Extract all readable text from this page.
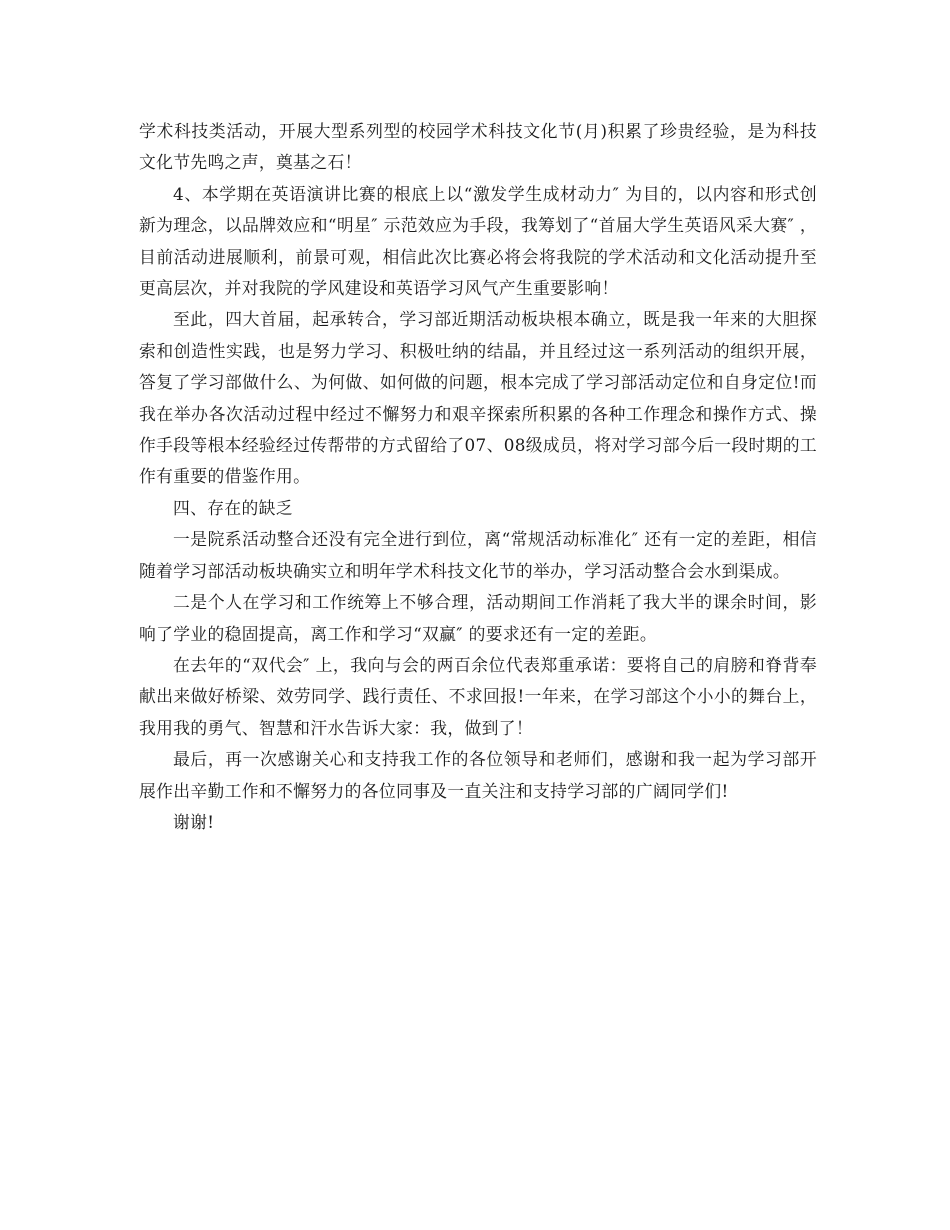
学术科技类活动，开展大型系列型的校园学术科技文化节(月)积累了珍贵经验，是为科技文化节先鸣之声，奠基之石！

4、本学期在英语演讲比赛的根底上以“激发学生成材动力″ 为目的，以内容和形式创新为理念，以品牌效应和“明星″ 示范效应为手段，我筹划了“首届大学生英语风采大赛″ ，目前活动进展顺利，前景可观，相信此次比赛必将会将我院的学术活动和文化活动提升至更高层次，并对我院的学风建设和英语学习风气产生重要影响！

至此，四大首届，起承转合，学习部近期活动板块根本确立，既是我一年来的大胆探索和创造性实践，也是努力学习、积极吐纳的结晶，并且经过这一系列活动的组织开展，答复了学习部做什么、为何做、如何做的问题，根本完成了学习部活动定位和自身定位!而我在举办各次活动过程中经过不懈努力和艰辛探索所积累的各种工作理念和操作方式、操作手段等根本经验经过传帮带的方式留给了07、08级成员，将对学习部今后一段时期的工作有重要的借鉴作用。

四、存在的缺乏

一是院系活动整合还没有完全进行到位，离“常规活动标准化″ 还有一定的差距，相信随着学习部活动板块确实立和明年学术科技文化节的举办，学习活动整合会水到渠成。

二是个人在学习和工作统筹上不够合理，活动期间工作消耗了我大半的课余时间，影响了学业的稳固提高，离工作和学习“双赢″ 的要求还有一定的差距。

在去年的“双代会″ 上，我向与会的两百余位代表郑重承诺：要将自己的肩膀和脊背奉献出来做好桥梁、效劳同学、践行责任、不求回报!一年来，在学习部这个小小的舞台上，我用我的勇气、智慧和汗水告诉大家：我，做到了！

最后，再一次感谢关心和支持我工作的各位领导和老师们，感谢和我一起为学习部开展作出辛勤工作和不懈努力的各位同事及一直关注和支持学习部的广阔同学们!

谢谢!
